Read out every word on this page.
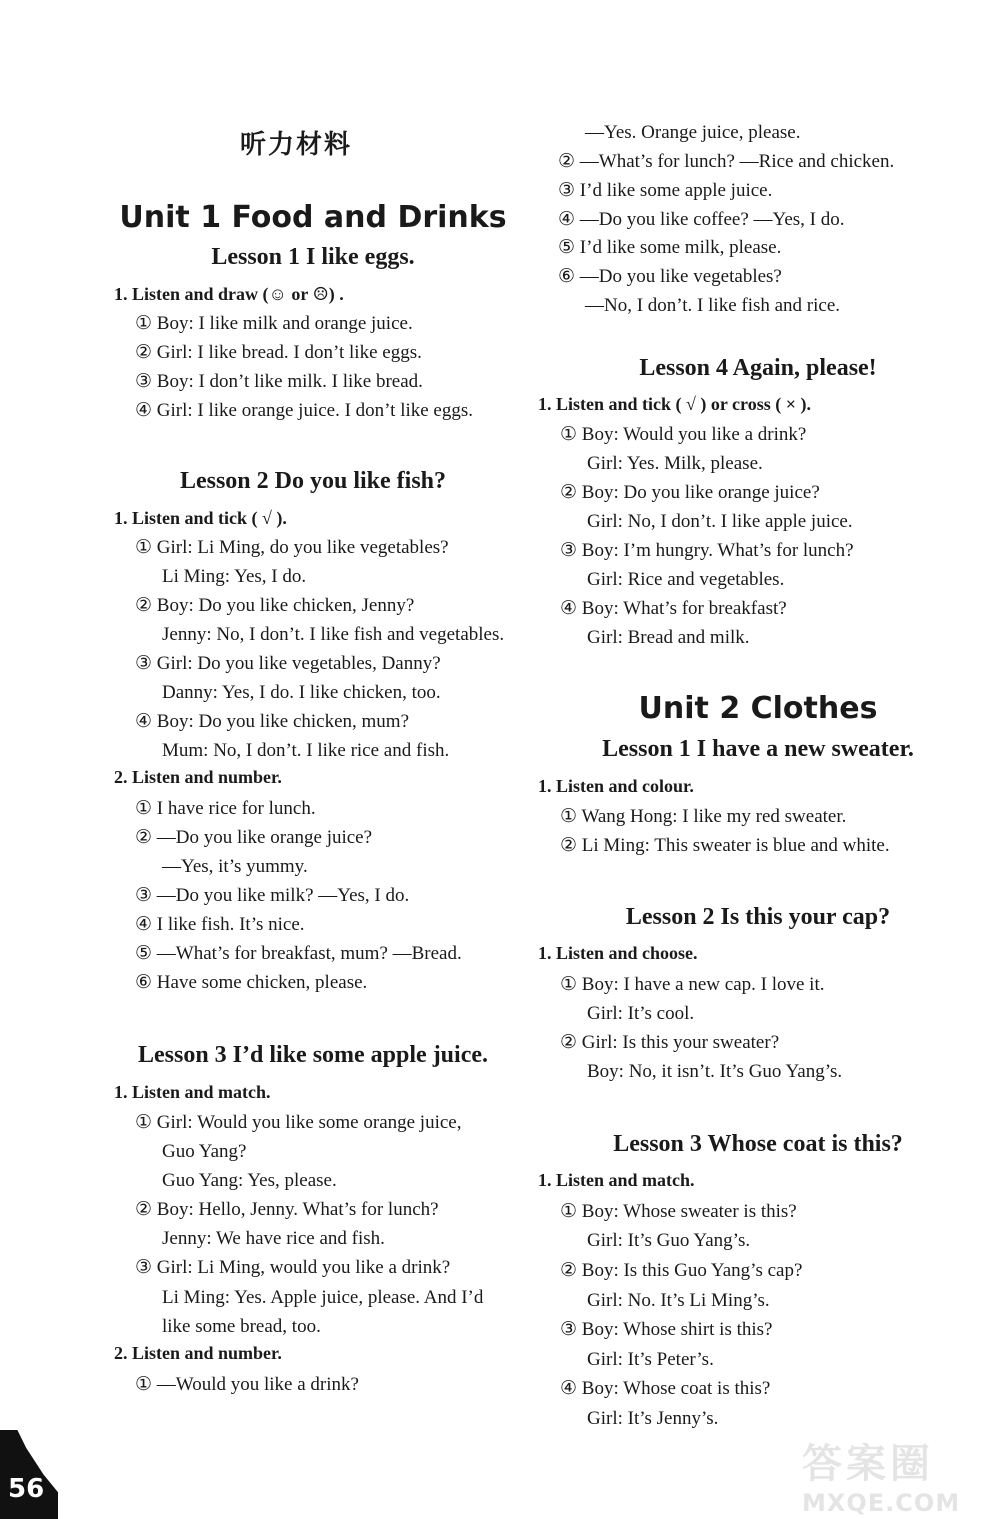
听力材料
Unit 1 Food and Drinks
Lesson 1 I like eggs.
1. Listen and draw (☺ or ☹) .
① Boy: I like milk and orange juice.
② Girl: I like bread. I don’t like eggs.
③ Boy: I don’t like milk. I like bread.
④ Girl: I like orange juice. I don’t like eggs.
Lesson 2 Do you like fish?
1. Listen and tick ( √ ).
① Girl: Li Ming, do you like vegetables?
Li Ming: Yes, I do.
② Boy: Do you like chicken, Jenny?
Jenny: No, I don’t. I like fish and vegetables.
③ Girl: Do you like vegetables, Danny?
Danny: Yes, I do. I like chicken, too.
④ Boy: Do you like chicken, mum?
Mum: No, I don’t. I like rice and fish.
2. Listen and number.
① I have rice for lunch.
② —Do you like orange juice?
—Yes, it’s yummy.
③ —Do you like milk? —Yes, I do.
④ I like fish. It’s nice.
⑤ —What’s for breakfast, mum? —Bread.
⑥ Have some chicken, please.
Lesson 3 I’d like some apple juice.
1. Listen and match.
① Girl: Would you like some orange juice,
Guo Yang?
Guo Yang: Yes, please.
② Boy: Hello, Jenny. What’s for lunch?
Jenny: We have rice and fish.
③ Girl: Li Ming, would you like a drink?
Li Ming: Yes. Apple juice, please. And I’d
like some bread, too.
2. Listen and number.
① —Would you like a drink?
—Yes. Orange juice, please.
② —What’s for lunch? —Rice and chicken.
③ I’d like some apple juice.
④ —Do you like coffee? —Yes, I do.
⑤ I’d like some milk, please.
⑥ —Do you like vegetables?
—No, I don’t. I like fish and rice.
Lesson 4 Again, please!
1. Listen and tick ( √ ) or cross ( × ).
① Boy: Would you like a drink?
Girl: Yes. Milk, please.
② Boy: Do you like orange juice?
Girl: No, I don’t. I like apple juice.
③ Boy: I’m hungry. What’s for lunch?
Girl: Rice and vegetables.
④ Boy: What’s for breakfast?
Girl: Bread and milk.
Unit 2 Clothes
Lesson 1 I have a new sweater.
1. Listen and colour.
① Wang Hong: I like my red sweater.
② Li Ming: This sweater is blue and white.
Lesson 2 Is this your cap?
1. Listen and choose.
① Boy: I have a new cap. I love it.
Girl: It’s cool.
② Girl: Is this your sweater?
Boy: No, it isn’t. It’s Guo Yang’s.
Lesson 3 Whose coat is this?
1. Listen and match.
① Boy: Whose sweater is this?
Girl: It’s Guo Yang’s.
② Boy: Is this Guo Yang’s cap?
Girl: No. It’s Li Ming’s.
③ Boy: Whose shirt is this?
Girl: It’s Peter’s.
④ Boy: Whose coat is this?
Girl: It’s Jenny’s.
56
答案圈
MXQE.COM
